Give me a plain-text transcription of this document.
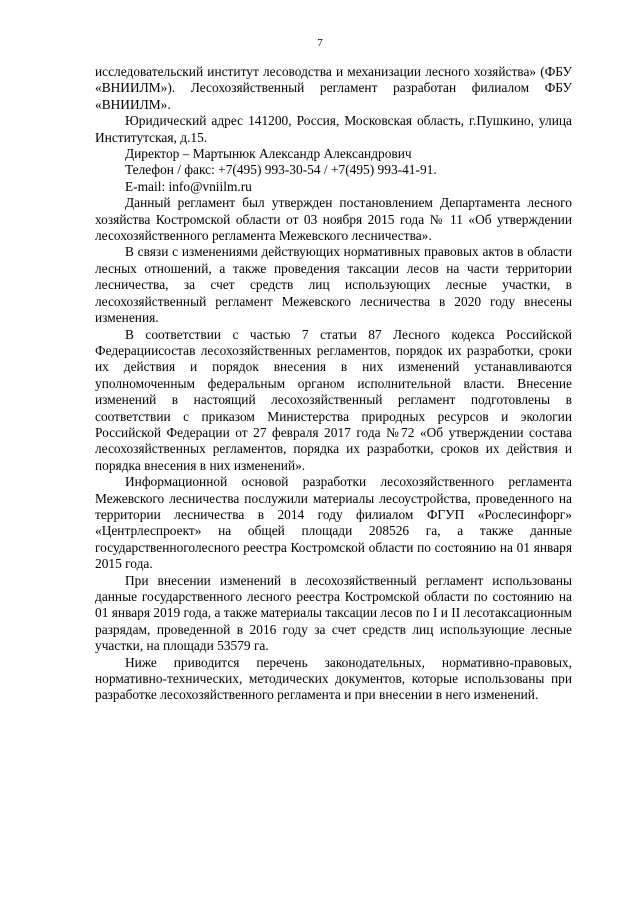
7

исследовательский институт лесоводства и механизации лесного хозяйства» (ФБУ «ВНИИЛМ»). Лесохозяйственный регламент разработан филиалом ФБУ «ВНИИЛМ».

Юридический адрес 141200, Россия, Московская область, г.Пушкино, улица Институтская, д.15.

Директор – Мартынюк Александр Александрович

Телефон / факс: +7(495) 993-30-54 / +7(495) 993-41-91.

E-mail: info@vniilm.ru

Данный регламент был утвержден постановлением Департамента лесного хозяйства Костромской области от 03 ноября 2015 года № 11 «Об утверждении лесохозяйственного регламента Межевского лесничества».

В связи с изменениями действующих нормативных правовых актов в области лесных отношений, а также проведения таксации лесов на части территории лесничества, за счет средств лиц использующих лесные участки, в лесохозяйственный регламент Межевского лесничества в 2020 году внесены изменения.

В соответствии с частью 7 статьи 87 Лесного кодекса Российской Федерациисостав лесохозяйственных регламентов, порядок их разработки, сроки их действия и порядок внесения в них изменений устанавливаются уполномоченным федеральным органом исполнительной власти. Внесение изменений в настоящий лесохозяйственный регламент подготовлены в соответствии с приказом Министерства природных ресурсов и экологии Российской Федерации от 27 февраля 2017 года №72 «Об утверждении состава лесохозяйственных регламентов, порядка их разработки, сроков их действия и порядка внесения в них изменений».

Информационной основой разработки лесохозяйственного регламента Межевского лесничества послужили материалы лесоустройства, проведенного на территории лесничества в 2014 году филиалом ФГУП «Рослесинфорг» «Центрлеспроект» на общей площади 208526 га, а также данные государственноголесного реестра Костромской области по состоянию на 01 января 2015 года.

При внесении изменений в лесохозяйственный регламент использованы данные государственного лесного реестра Костромской области по состоянию на 01 января 2019 года, а также материалы таксации лесов по I и II лесотаксационным разрядам, проведенной в 2016 году за счет средств лиц использующие лесные участки, на площади 53579 га.

Ниже приводится перечень законодательных, нормативно-правовых, нормативно-технических, методических документов, которые использованы при разработке лесохозяйственного регламента и при внесении в него изменений.
